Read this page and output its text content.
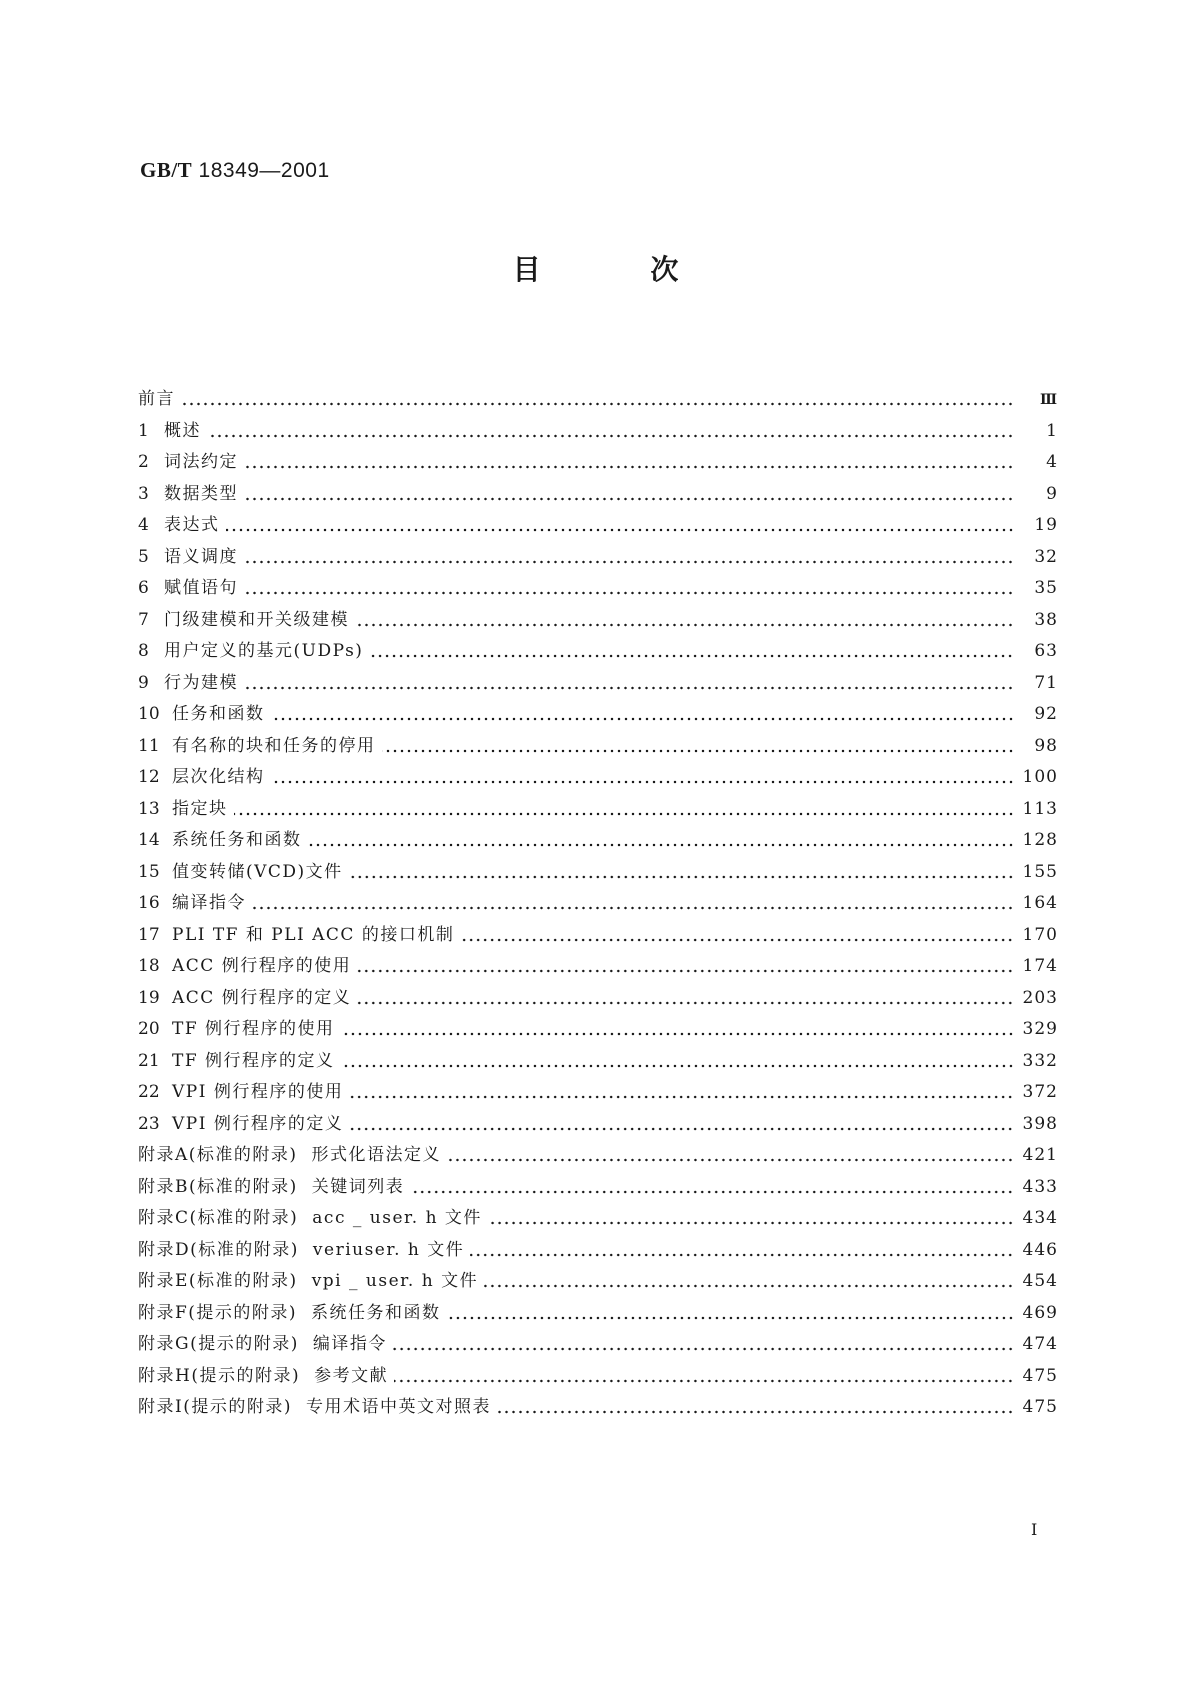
GB/T 18349—2001
目	次
前言	Ⅲ
1 概述	1
2 词法约定	4
3 数据类型	9
4 表达式	19
5 语义调度	32
6 赋值语句	35
7 门级建模和开关级建模	38
8 用户定义的基元(UDPs)	63
9 行为建模	71
10 任务和函数	92
11 有名称的块和任务的停用	98
12 层次化结构	100
13 指定块	113
14 系统任务和函数	128
15 值变转储(VCD)文件	155
16 编译指令	164
17 PLI TF 和 PLI ACC 的接口机制	170
18 ACC 例行程序的使用	174
19 ACC 例行程序的定义	203
20 TF 例行程序的使用	329
21 TF 例行程序的定义	332
22 VPI 例行程序的使用	372
23 VPI 例行程序的定义	398
附录A(标准的附录) 形式化语法定义	421
附录B(标准的附录) 关键词列表	433
附录C(标准的附录) acc _ user. h 文件	434
附录D(标准的附录) veriuser. h 文件	446
附录E(标准的附录) vpi _ user. h 文件	454
附录F(提示的附录) 系统任务和函数	469
附录G(提示的附录) 编译指令	474
附录H(提示的附录) 参考文献	475
附录I(提示的附录) 专用术语中英文对照表	475
I
